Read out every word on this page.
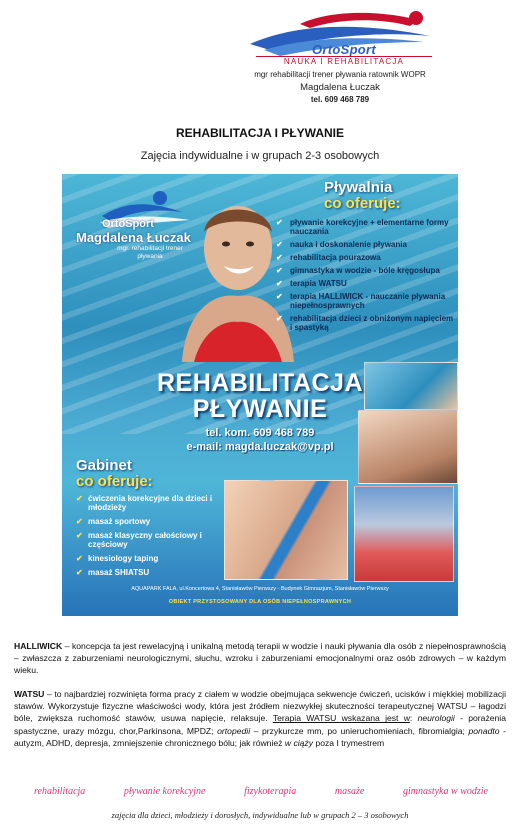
OrtoSport
NAUKA I REHABILITACJA
mgr rehabilitacji trener pływania ratownik WOPR
Magdalena Łuczak
tel. 609 468 789
REHABILITACJA I PŁYWANIE
Zajęcia indywidualne i w grupach 2-3 osobowych
OrtoSport
Magdalena Łuczak
mgr. rehabilitacji trener pływania
Pływalnia
co oferuje:
✔ pływanie korekcyjne + elementarne formy nauczania
✔ nauka i doskonalenie pływania
✔ rehabilitacja pourazowa
✔ gimnastyka w wodzie - bóle kręgosłupa
✔ terapia WATSU
✔ terapia HALLIWICK - nauczanie pływania niepełnosprawnych
✔ rehabilitacja dzieci z obniżonym napięciem i spastyką
REHABILITACJA
PŁYWANIE
tel. kom. 609 468 789
e-mail: magda.luczak@vp.pl
Gabinet
co oferuje:
✔ ćwiczenia korekcyjne dla dzieci i młodzieży
✔ masaż sportowy
✔ masaż klasyczny całościowy i częściowy
✔ kinesiology taping
✔ masaż SHIATSU
AQUAPARK FALA, ul.Koncertowa 4, Stanisławów Pierwszy - Budynek Gimnazjum, Stanisławów Pierwszy
OBIEKT PRZYSTOSOWANY DLA OSÓB NIEPEŁNOSPRAWNYCH

HALLIWICK – koncepcja ta jest rewelacyjną i unikalną metodą terapii w wodzie i nauki pływania dla osób z niepełnosprawnością – zwłaszcza z zaburzeniami neurologicznymi, słuchu, wzroku i zaburzeniami emocjonalnymi oraz osób zdrowych – w każdym wieku.

WATSU – to najbardziej rozwinięta forma pracy z ciałem w wodzie obejmująca sekwencje ćwiczeń, ucisków i miękkiej mobilizacji stawów. Wykorzystuje fizyczne właściwości wody, która jest źródłem niezwykłej skuteczności terapeutycznej WATSU – łagodzi bóle, zwiększa ruchomość stawów, usuwa napięcie, relaksuje. Terapia WATSU wskazana jest w: neurologii - porażenia spastyczne, urazy mózgu, chor,Parkinsona, MPDZ; ortopedii – przykurcze mm, po unieruchomieniach, fibromialgia; ponadto - autyzm, ADHD, depresja, zmniejszenie chronicznego bólu; jak również w ciąży poza I trymestrem

rehabilitacja	pływanie korekcyjne	fizykoterapia	masaże	gimnastyka w wodzie
zajęcia dla dzieci, młodzieży i dorosłych, indywidualne lub w grupach 2 – 3 osobowych
